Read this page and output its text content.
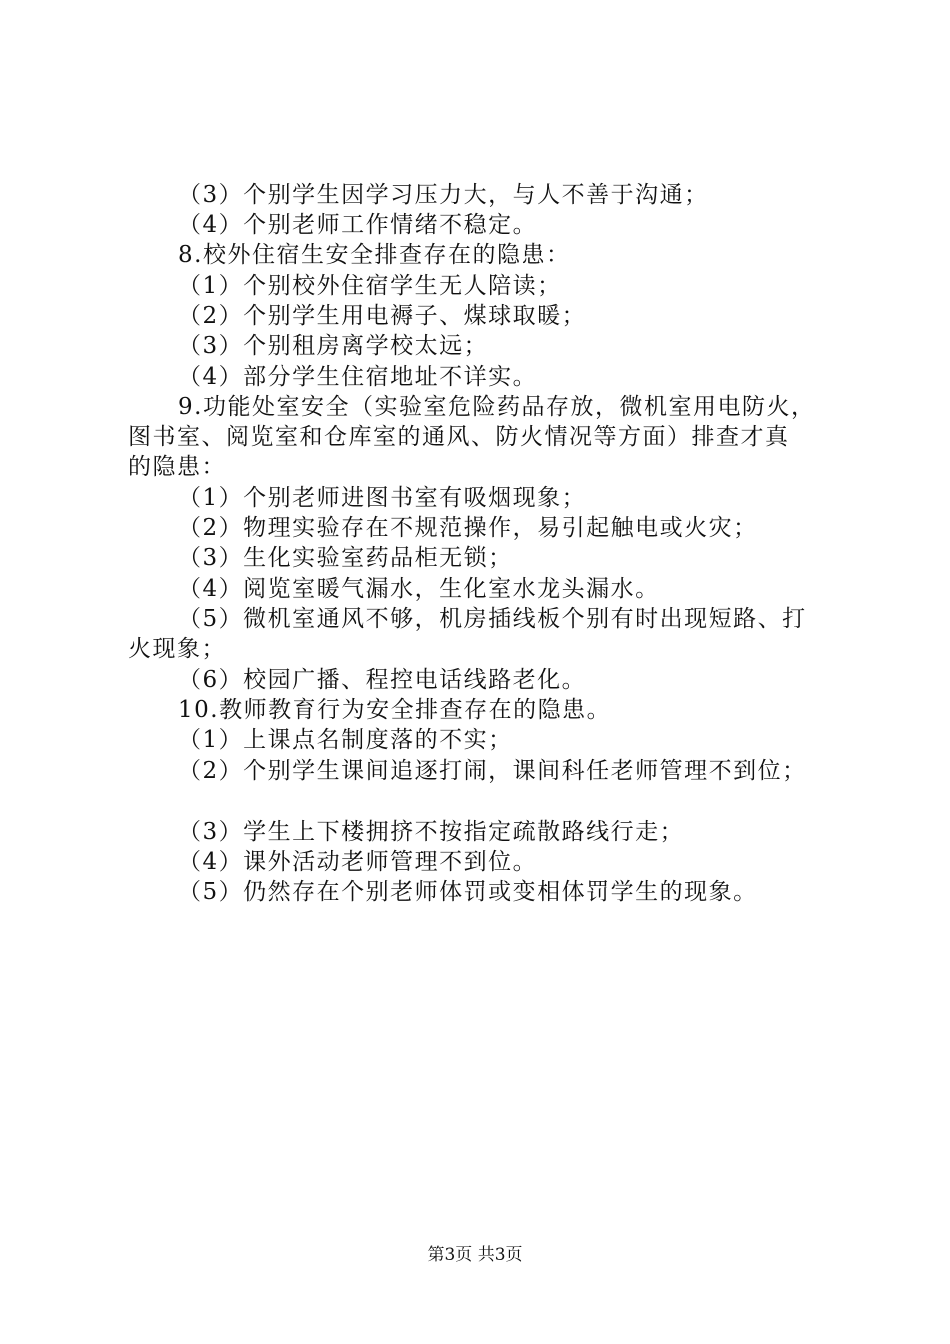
（3）个别学生因学习压力大，与人不善于沟通；
（4）个别老师工作情绪不稳定。
8.校外住宿生安全排查存在的隐患：
（1）个别校外住宿学生无人陪读；
（2）个别学生用电褥子、煤球取暖；
（3）个别租房离学校太远；
（4）部分学生住宿地址不详实。
9.功能处室安全（实验室危险药品存放，微机室用电防火，
图书室、阅览室和仓库室的通风、防火情况等方面）排查才真
的隐患：
（1）个别老师进图书室有吸烟现象；
（2）物理实验存在不规范操作，易引起触电或火灾；
（3）生化实验室药品柜无锁；
（4）阅览室暖气漏水，生化室水龙头漏水。
（5）微机室通风不够，机房插线板个别有时出现短路、打
火现象；
（6）校园广播、程控电话线路老化。
10.教师教育行为安全排查存在的隐患。
（1）上课点名制度落的不实；
（2）个别学生课间追逐打闹，课间科任老师管理不到位；
（3）学生上下楼拥挤不按指定疏散路线行走；
（4）课外活动老师管理不到位。
（5）仍然存在个别老师体罚或变相体罚学生的现象。
第3页 共3页
